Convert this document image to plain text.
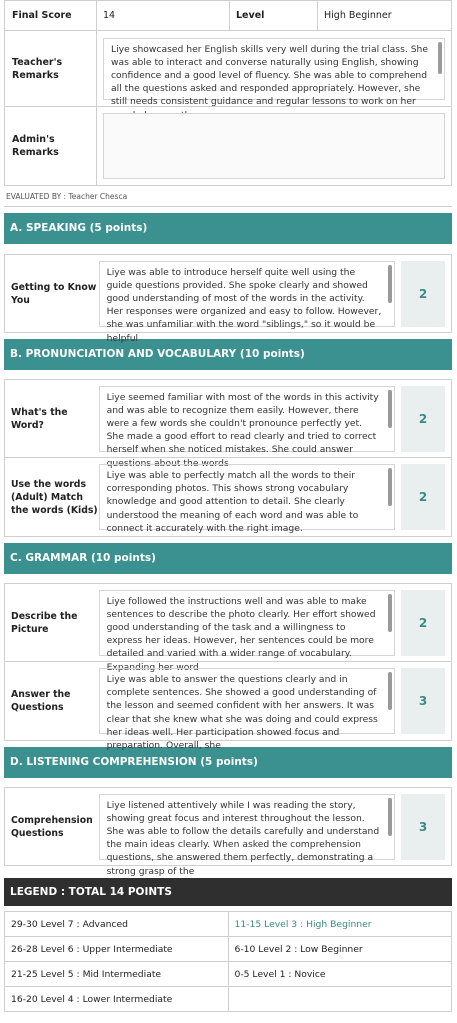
Final Score	14	Level	High Beginner
Teacher's Remarks	Liye showcased her English skills very well during the trial class. She was able to interact and converse naturally using English, showing confidence and a good level of fluency. She was able to comprehend all the questions asked and responded appropriately. However, she still needs consistent guidance and regular lessons to work on her		

Admin's Remarks			
EVALUATED BY : Teacher Chesca
A. SPEAKING (5 points)
Getting to Know You
Liye was able to introduce herself quite well using the guide questions provided. She spoke clearly and showed good understanding of most of the words in the activity. Her responses were organized and easy to follow. However, she was unfamiliar with the word "siblings," so it would be helpful
2
B. PRONUNCIATION AND VOCABULARY (10 points)
What's the Word?
Liye seemed familiar with most of the words in this activity and was able to recognize them easily. However, there were a few words she couldn't pronounce perfectly yet. She made a good effort to read clearly and tried to correct herself when she noticed mistakes. She could answer questions about the words
2
Use the words (Adult) Match the words (Kids)
Liye was able to perfectly match all the words to their corresponding photos. This shows strong vocabulary knowledge and good attention to detail. She clearly understood the meaning of each word and was able to connect it accurately with the right image.
2
C. GRAMMAR (10 points)
Describe the Picture
Liye followed the instructions well and was able to make sentences to describe the photo clearly. Her effort showed good understanding of the task and a willingness to express her ideas. However, her sentences could be more detailed and varied with a wider range of vocabulary. Expanding her word
2
Answer the Questions
Liye was able to answer the questions clearly and in complete sentences. She showed a good understanding of the lesson and seemed confident with her answers. It was clear that she knew what she was doing and could express her ideas well. Her participation showed focus and preparation. Overall, she
3
D. LISTENING COMPREHENSION (5 points)
Comprehension Questions
Liye listened attentively while I was reading the story, showing great focus and interest throughout the lesson. She was able to follow the details carefully and understand the main ideas clearly. When asked the comprehension questions, she answered them perfectly, demonstrating a strong grasp of the
3
LEGEND : TOTAL 14 POINTS
29-30 Level 7 : Advanced	11-15 Level 3 : High Beginner
26-28 Level 6 : Upper Intermediate	6-10 Level 2 : Low Beginner
21-25 Level 5 : Mid Intermediate	0-5 Level 1 : Novice
16-20 Level 4 : Lower Intermediate	
